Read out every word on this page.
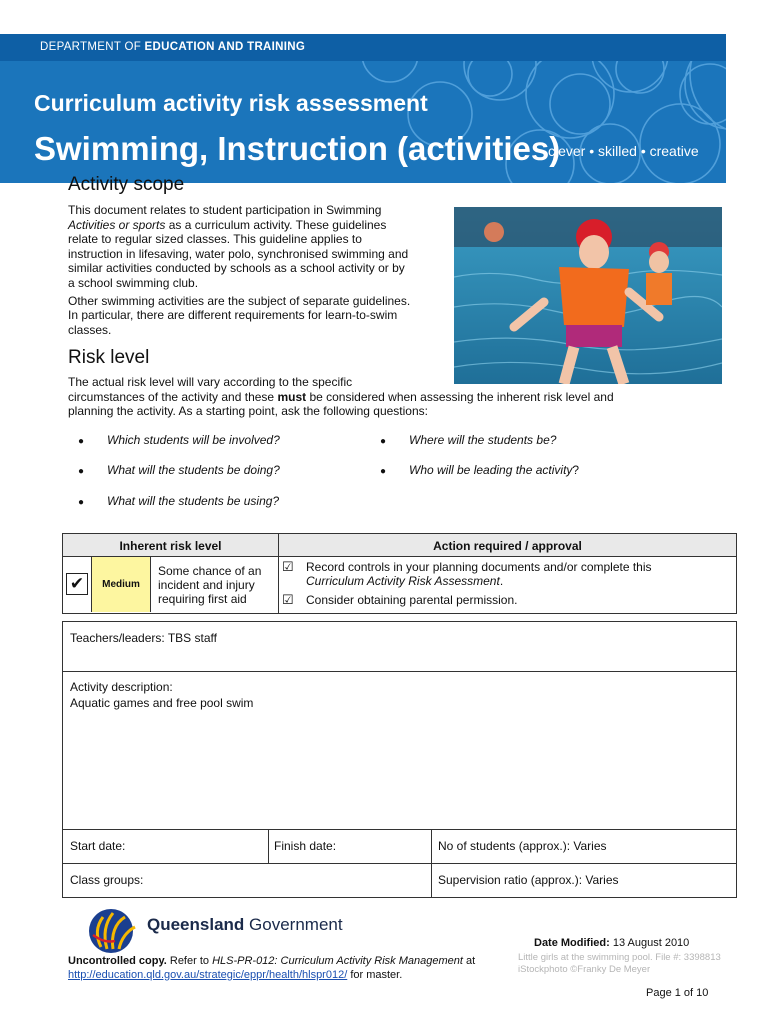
DEPARTMENT OF EDUCATION AND TRAINING
Curriculum activity risk assessment
Swimming, Instruction (activities)
clever • skilled • creative
Activity scope
This document relates to student participation in Swimming
Activities or sports as a curriculum activity. These guidelines
relate to regular sized classes. This guideline applies to
instruction in lifesaving, water polo, synchronised swimming and
similar activities conducted by schools as a school activity or by
a school swimming club.
Other swimming activities are the subject of separate guidelines.
In particular, there are different requirements for learn-to-swim
classes.
Risk level
The actual risk level will vary according to the specific
circumstances of the activity and these must be considered when assessing the inherent risk level and
planning the activity. As a starting point, ask the following questions:
● Which students will be involved?	● Where will the students be?
● What will the students be doing?	● Who will be leading the activity?
● What will the students be using?
Inherent risk level	Action required / approval
✔	Medium
Some chance of an
incident and injury
requiring first aid
☑ Record controls in your planning documents and/or complete this
Curriculum Activity Risk Assessment.
☑ Consider obtaining parental permission.
Teachers/leaders: TBS staff
Activity description:
Aquatic games and free pool swim
Start date:	Finish date:	No of students (approx.): Varies
Class groups:	Supervision ratio (approx.): Varies
Queensland Government
Date Modified: 13 August 2010
Uncontrolled copy. Refer to HLS-PR-012: Curriculum Activity Risk Management at
http://education.qld.gov.au/strategic/eppr/health/hlspr012/ for master.
Little girls at the swimming pool. File #: 3398813
iStockphoto ©Franky De Meyer
Page 1 of 10
